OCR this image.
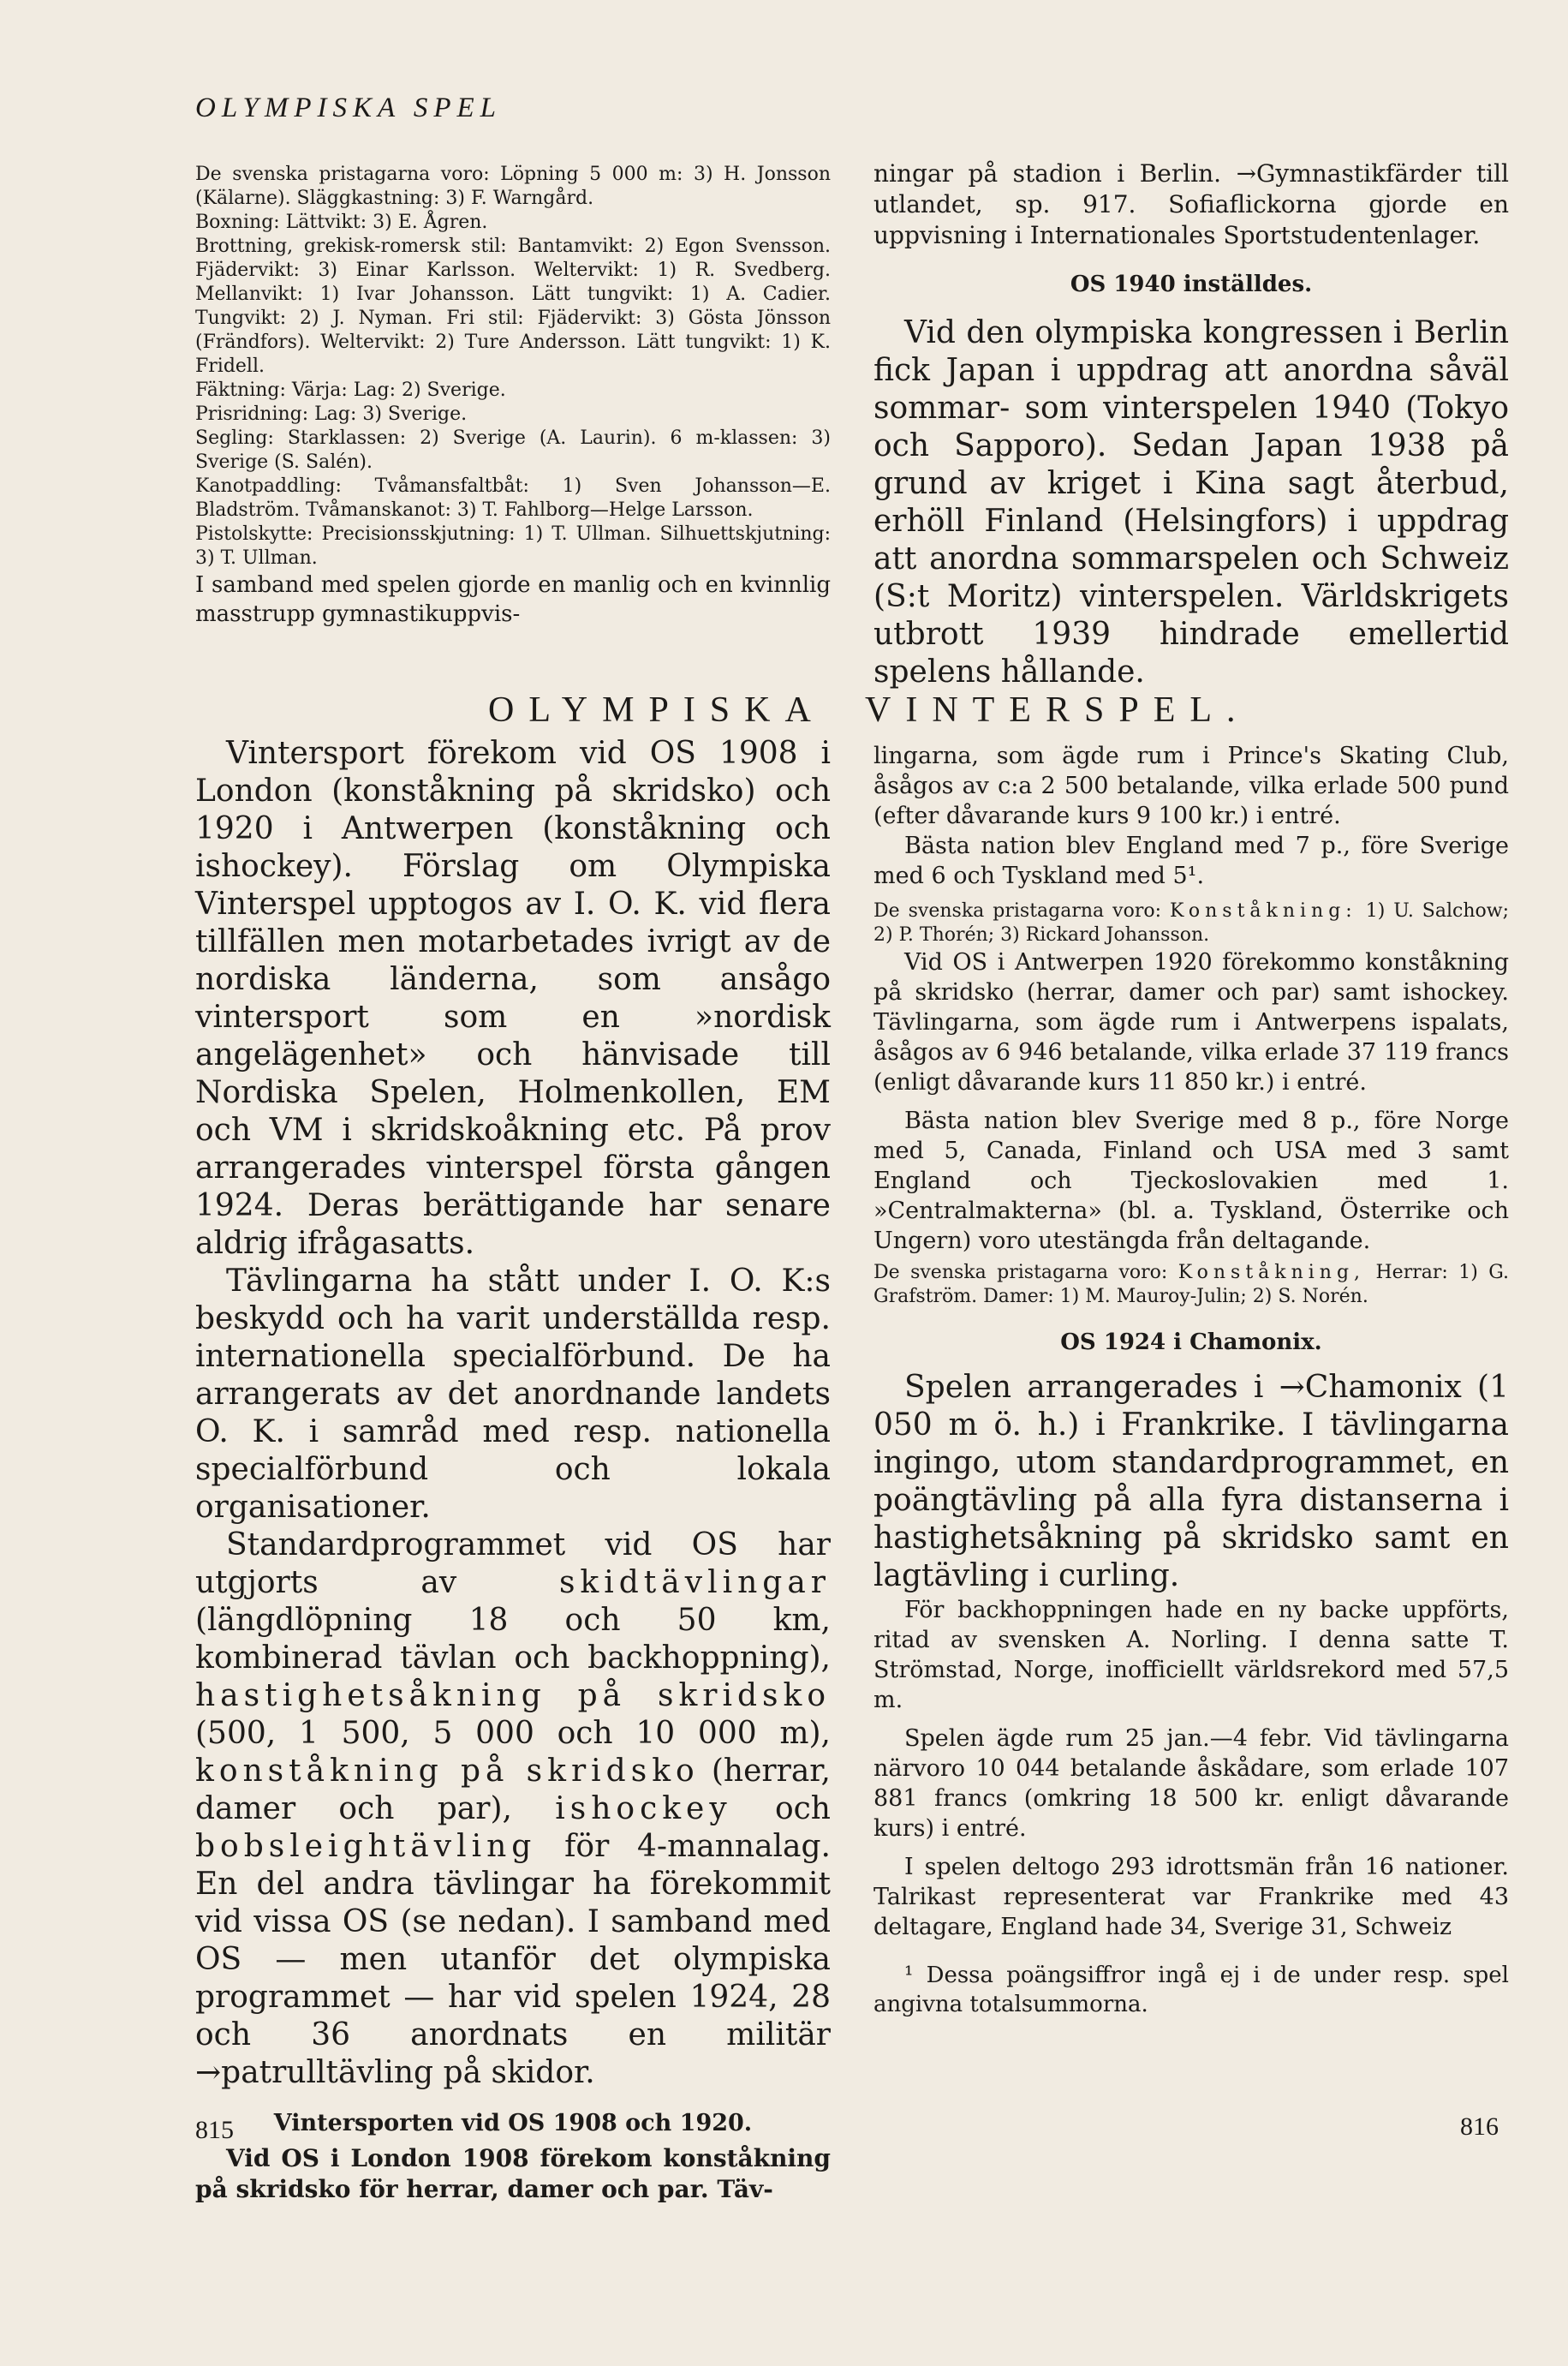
OLYMPISKA SPEL

De svenska pristagarna voro: Löpning 5 000 m: 3) H. Jonsson (Kälarne). Släggkastning: 3) F. Warngård.

Boxning: Lättvikt: 3) E. Ågren.

Brottning, grekisk-romersk stil: Bantamvikt: 2) Egon Svensson. Fjädervikt: 3) Einar Karlsson. Weltervikt: 1) R. Svedberg. Mellanvikt: 1) Ivar Johansson. Lätt tungvikt: 1) A. Cadier. Tungvikt: 2) J. Nyman. Fri stil: Fjädervikt: 3) Gösta Jönsson (Frändfors). Weltervikt: 2) Ture Andersson. Lätt tungvikt: 1) K. Fridell.

Fäktning: Värja: Lag: 2) Sverige.

Prisridning: Lag: 3) Sverige.

Segling: Starklassen: 2) Sverige (A. Laurin). 6 m-klassen: 3) Sverige (S. Salén).

Kanotpaddling: Tvåmansfaltbåt: 1) Sven Johansson—E. Bladström. Tvåmanskanot: 3) T. Fahlborg—Helge Larsson.

Pistolskytte: Precisionsskjutning: 1) T. Ullman. Silhuettskjutning: 3) T. Ullman.

I samband med spelen gjorde en manlig och en kvinnlig masstrupp gymnastikuppvis-

ningar på stadion i Berlin. →Gymnastikfärder till utlandet, sp. 917. Sofiaflickorna gjorde en uppvisning i Internationales Sportstudentenlager.

OS 1940 inställdes.

Vid den olympiska kongressen i Berlin fick Japan i uppdrag att anordna såväl sommar- som vinterspelen 1940 (Tokyo och Sapporo). Sedan Japan 1938 på grund av kriget i Kina sagt återbud, erhöll Finland (Helsingfors) i uppdrag att anordna sommarspelen och Schweiz (S:t Moritz) vinterspelen. Världskrigets utbrott 1939 hindrade emellertid spelens hållande.

OLYMPISKA VINTERSPEL.

Vintersport förekom vid OS 1908 i London (konståkning på skridsko) och 1920 i Antwerpen (konståkning och ishockey). Förslag om Olympiska Vinterspel upptogos av I. O. K. vid flera tillfällen men motarbetades ivrigt av de nordiska länderna, som ansågo vintersport som en »nordisk angelägenhet» och hänvisade till Nordiska Spelen, Holmenkollen, EM och VM i skridskoåkning etc. På prov arrangerades vinterspel första gången 1924. Deras berättigande har senare aldrig ifrågasatts.

Tävlingarna ha stått under I. O. K:s beskydd och ha varit underställda resp. internationella specialförbund. De ha arrangerats av det anordnande landets O. K. i samråd med resp. nationella specialförbund och lokala organisationer.

Standardprogrammet vid OS har utgjorts av	skidtävlingar (längdlöpning 18 och 50 km, kombinerad tävlan och backhoppning), hastighetsåkning på skridsko (500, 1 500, 5 000 och 10 000 m), konståkning på skridsko (herrar, damer och par), ishockey och bobsleightävling för 4-mannalag. En del andra tävlingar ha förekommit vid vissa OS (se nedan). I samband med OS — men utanför det olympiska programmet — har vid spelen 1924, 28 och 36 anordnats en militär →patrulltävling på skidor.

Vintersporten vid OS 1908 och 1920.

Vid OS i London 1908 förekom konståkning på skridsko för herrar, damer och par. Täv-

lingarna, som ägde rum i Prince's Skating Club, åsågos av c:a 2 500 betalande, vilka erlade 500 pund (efter dåvarande kurs 9 100 kr.) i entré.

Bästa nation blev England med 7 p., före Sverige med 6 och Tyskland med 5¹.

De svenska pristagarna voro: Konståkning: 1) U. Salchow; 2) P. Thorén; 3) Rickard Johansson.

Vid OS i Antwerpen 1920 förekommo konståkning på skridsko (herrar, damer och par) samt ishockey. Tävlingarna, som ägde rum i Antwerpens ispalats, åsågos av 6 946 betalande, vilka erlade 37 119 francs (enligt dåvarande kurs 11 850 kr.) i entré.

Bästa nation blev Sverige med 8 p., före Norge med 5, Canada, Finland och USA med 3 samt England och Tjeckoslovakien med 1. »Centralmakterna» (bl. a. Tyskland, Österrike och Ungern) voro utestängda från deltagande.

De svenska pristagarna voro: Konståkning, Herrar: 1) G. Grafström. Damer: 1) M. Mauroy-Julin; 2) S. Norén.

OS 1924 i Chamonix.

Spelen arrangerades i →Chamonix (1 050 m ö. h.) i Frankrike. I tävlingarna ingingo, utom standardprogrammet, en poängtävling på alla fyra distanserna i hastighetsåkning på skridsko samt en lagtävling i curling.

För backhoppningen hade en ny backe uppförts, ritad av svensken A. Norling. I denna satte T. Strömstad, Norge, inofficiellt världsrekord med 57,5 m.

Spelen ägde rum 25 jan.—4 febr. Vid tävlingarna närvoro 10 044 betalande åskådare, som erlade 107 881 francs (omkring 18 500 kr. enligt dåvarande kurs) i entré.

I spelen deltogo 293 idrottsmän från 16 nationer. Talrikast representerat var Frankrike med 43 deltagare, England hade 34, Sverige 31, Schweiz

¹ Dessa poängsiffror ingå ej i de under resp. spel angivna totalsummorna.

815	816
